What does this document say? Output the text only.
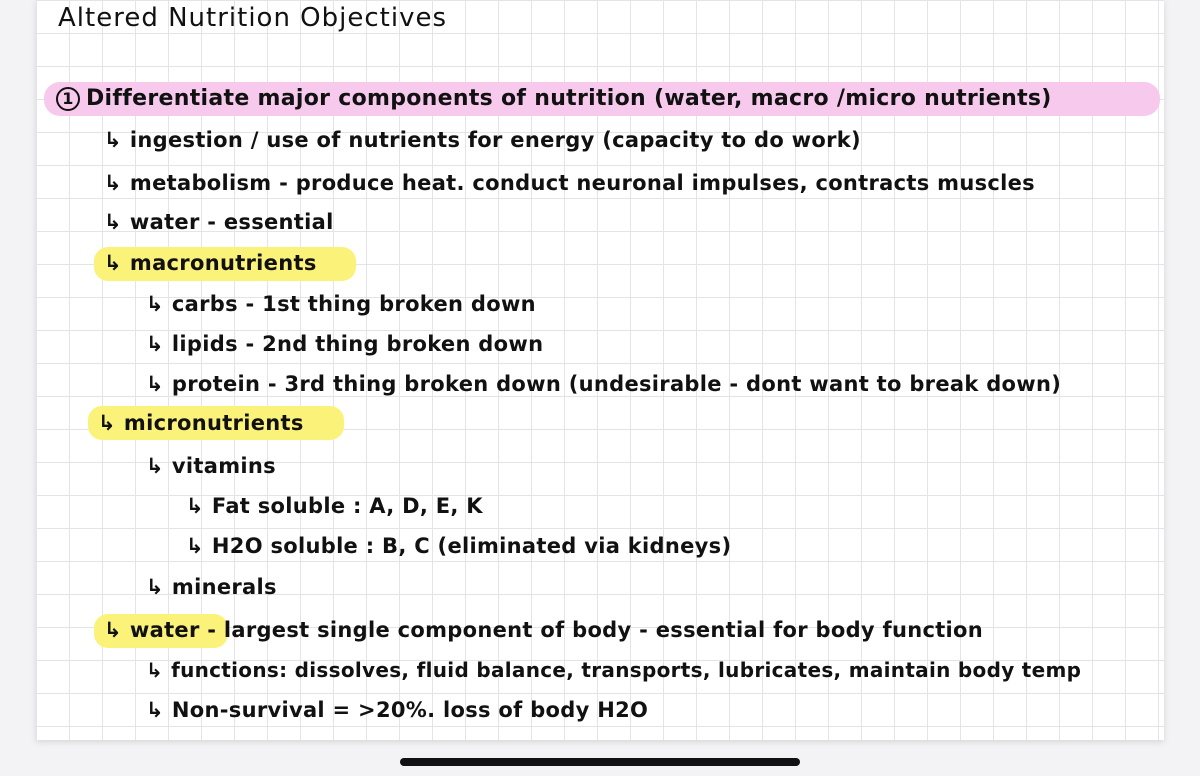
Altered Nutrition Objectives
1 Differentiate major components of nutrition (water, macro /micro nutrients)
↳ ingestion / use of nutrients for energy (capacity to do work)
↳ metabolism - produce heat. conduct neuronal impulses, contracts muscles
↳ water - essential
↳ macronutrients
↳ carbs - 1st thing broken down
↳ lipids - 2nd thing broken down
↳ protein - 3rd thing broken down (undesirable - dont want to break down)
↳ micronutrients
↳ vitamins
↳ Fat soluble : A, D, E, K
↳ H2O soluble : B, C (eliminated via kidneys)
↳ minerals
↳ water - largest single component of body - essential for body function
↳ functions: dissolves, fluid balance, transports, lubricates, maintain body temp
↳ Non-survival = >20%. loss of body H2O
